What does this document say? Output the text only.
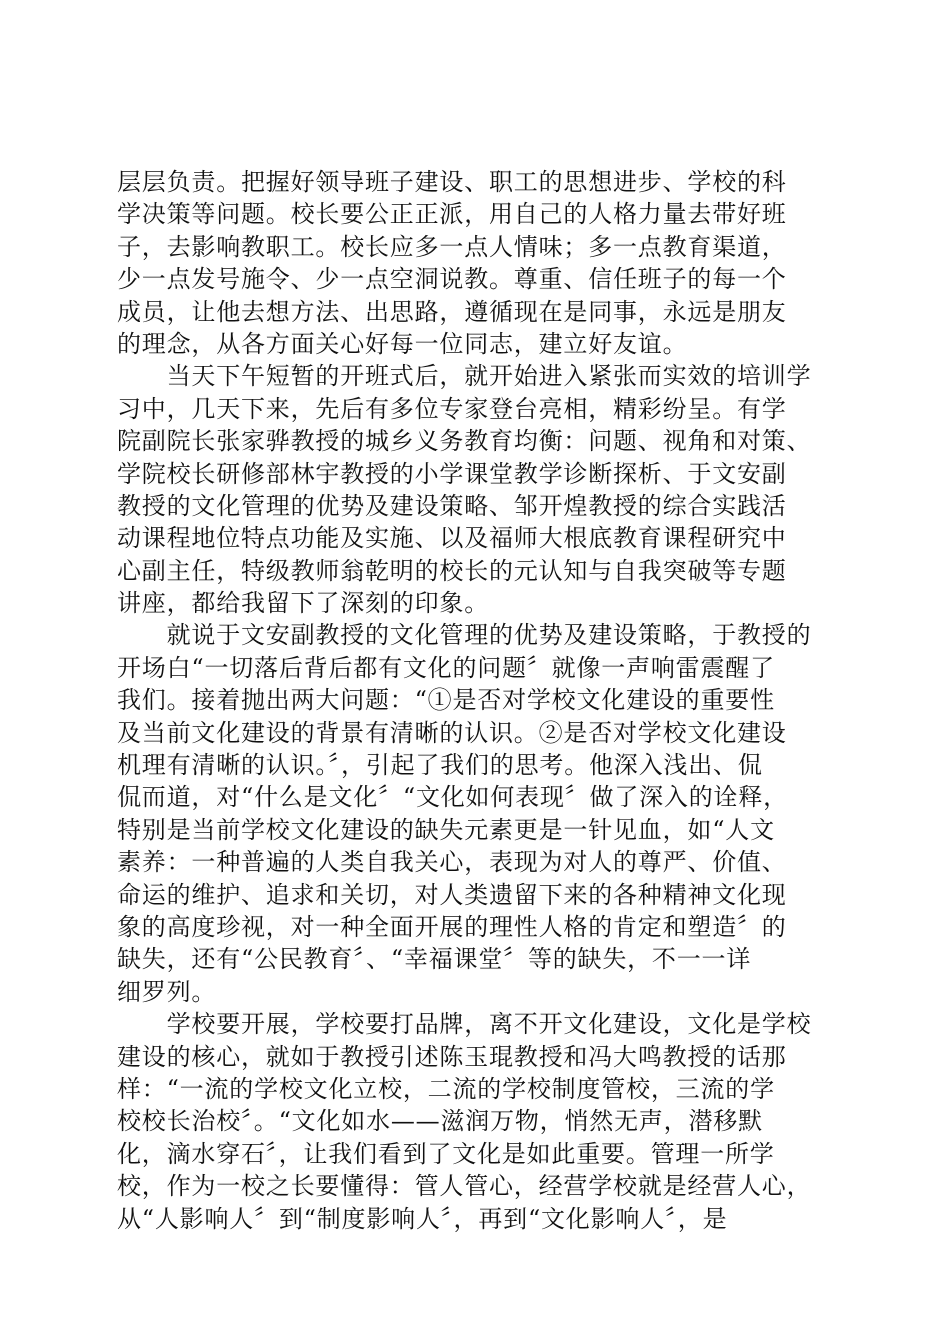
层层负责。把握好领导班子建设、职工的思想进步、学校的科
学决策等问题。校长要公正正派，用自己的人格力量去带好班
子，去影响教职工。校长应多一点人情味；多一点教育渠道，
少一点发号施令、少一点空洞说教。尊重、信任班子的每一个
成员，让他去想方法、出思路，遵循现在是同事，永远是朋友
的理念，从各方面关心好每一位同志，建立好友谊。

　　当天下午短暂的开班式后，就开始进入紧张而实效的培训学
习中，几天下来，先后有多位专家登台亮相，精彩纷呈。有学
院副院长张家骅教授的城乡义务教育均衡：问题、视角和对策、
学院校长研修部林宇教授的小学课堂教学诊断探析、于文安副
教授的文化管理的优势及建设策略、邹开煌教授的综合实践活
动课程地位特点功能及实施、以及福师大根底教育课程研究中
心副主任，特级教师翁乾明的校长的元认知与自我突破等专题
讲座，都给我留下了深刻的印象。

　　就说于文安副教授的文化管理的优势及建设策略，于教授的
开场白“一切落后背后都有文化的问题〞就像一声响雷震醒了
我们。接着抛出两大问题：“①是否对学校文化建设的重要性
及当前文化建设的背景有清晰的认识。②是否对学校文化建设
机理有清晰的认识。〞，引起了我们的思考。他深入浅出、侃
侃而道，对“什么是文化〞“文化如何表现〞做了深入的诠释，
特别是当前学校文化建设的缺失元素更是一针见血，如“人文
素养：一种普遍的人类自我关心，表现为对人的尊严、价值、
命运的维护、追求和关切，对人类遗留下来的各种精神文化现
象的高度珍视，对一种全面开展的理性人格的肯定和塑造〞的
缺失，还有“公民教育〞、“幸福课堂〞等的缺失，不一一详
细罗列。

　　学校要开展，学校要打品牌，离不开文化建设，文化是学校
建设的核心，就如于教授引述陈玉琨教授和冯大鸣教授的话那
样：“一流的学校文化立校，二流的学校制度管校，三流的学
校校长治校〞。“文化如水——滋润万物，悄然无声，潜移默
化，滴水穿石〞，让我们看到了文化是如此重要。管理一所学
校，作为一校之长要懂得：管人管心，经营学校就是经营人心，
从“人影响人〞到“制度影响人〞，再到“文化影响人〞，是
